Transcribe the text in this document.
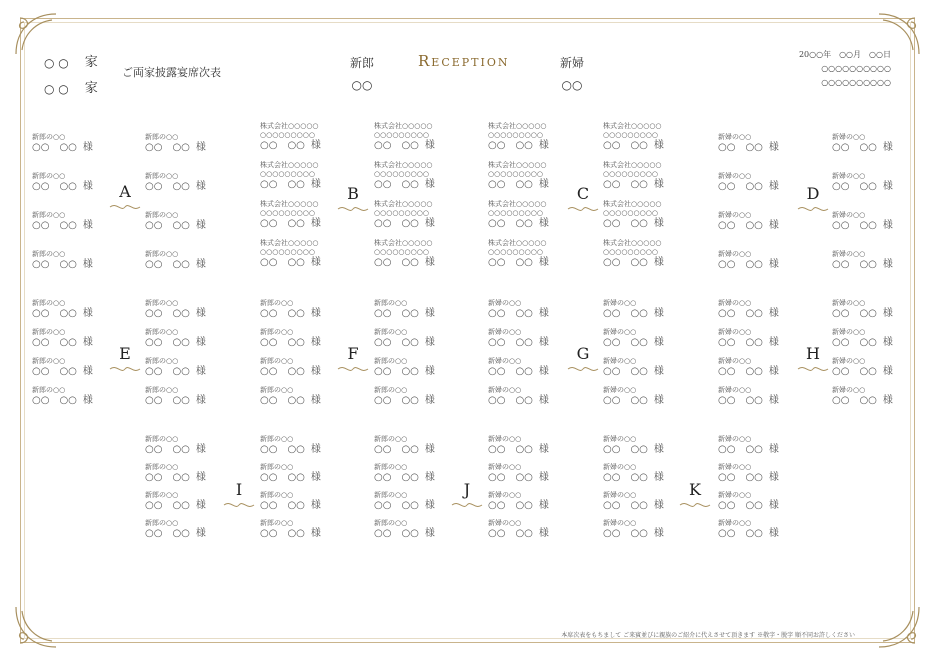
○ ○ 家
○ ○ 家
ご両家披露宴席次表
新郎
○○
Reception	新婦
○○
20○○年　○○月　○○日
○○○○○○○○○○
○○○○○○○○○○
新郎の○○
○○　○○ 様
新郎の○○
○○　○○ 様
新郎の○○
○○　○○ 様
新郎の○○
○○　○○ 様
新郎の○○
○○　○○ 様
新郎の○○
○○　○○ 様
新郎の○○
○○　○○ 様
新郎の○○
○○　○○ 様
A
株式会社○○○○○
○○○○○○○○○
○○　○○ 様
株式会社○○○○○
○○○○○○○○○
○○　○○ 様
株式会社○○○○○
○○○○○○○○○
○○　○○ 様
株式会社○○○○○
○○○○○○○○○
○○　○○ 様
株式会社○○○○○
○○○○○○○○○
○○　○○ 様
株式会社○○○○○
○○○○○○○○○
○○　○○ 様
株式会社○○○○○
○○○○○○○○○
○○　○○ 様
株式会社○○○○○
○○○○○○○○○
○○　○○ 様
B
株式会社○○○○○
○○○○○○○○○
○○　○○ 様
株式会社○○○○○
○○○○○○○○○
○○　○○ 様
株式会社○○○○○
○○○○○○○○○
○○　○○ 様
株式会社○○○○○
○○○○○○○○○
○○　○○ 様
株式会社○○○○○
○○○○○○○○○
○○　○○ 様
株式会社○○○○○
○○○○○○○○○
○○　○○ 様
株式会社○○○○○
○○○○○○○○○
○○　○○ 様
株式会社○○○○○
○○○○○○○○○
○○　○○ 様
C
新婦の○○
○○　○○ 様
新婦の○○
○○　○○ 様
新婦の○○
○○　○○ 様
新婦の○○
○○　○○ 様
新婦の○○
○○　○○ 様
新婦の○○
○○　○○ 様
新婦の○○
○○　○○ 様
新婦の○○
○○　○○ 様
D
新郎の○○
○○　○○ 様
新郎の○○
○○　○○ 様
新郎の○○
○○　○○ 様
新郎の○○
○○　○○ 様
新郎の○○
○○　○○ 様
新郎の○○
○○　○○ 様
新郎の○○
○○　○○ 様
新郎の○○
○○　○○ 様
E
新郎の○○
○○　○○ 様
新郎の○○
○○　○○ 様
新郎の○○
○○　○○ 様
新郎の○○
○○　○○ 様
新郎の○○
○○　○○ 様
新郎の○○
○○　○○ 様
新郎の○○
○○　○○ 様
新郎の○○
○○　○○ 様
F
新婦の○○
○○　○○ 様
新婦の○○
○○　○○ 様
新婦の○○
○○　○○ 様
新婦の○○
○○　○○ 様
新婦の○○
○○　○○ 様
新婦の○○
○○　○○ 様
新婦の○○
○○　○○ 様
新婦の○○
○○　○○ 様
G
新婦の○○
○○　○○ 様
新婦の○○
○○　○○ 様
新婦の○○
○○　○○ 様
新婦の○○
○○　○○ 様
新婦の○○
○○　○○ 様
新婦の○○
○○　○○ 様
新婦の○○
○○　○○ 様
新婦の○○
○○　○○ 様
H
新郎の○○
○○　○○ 様
新郎の○○
○○　○○ 様
新郎の○○
○○　○○ 様
新郎の○○
○○　○○ 様
新郎の○○
○○　○○ 様
新郎の○○
○○　○○ 様
新郎の○○
○○　○○ 様
新郎の○○
○○　○○ 様
I
新郎の○○
○○　○○ 様
新婦の○○
○○　○○ 様
新郎の○○
○○　○○ 様
新婦の○○
○○　○○ 様
新郎の○○
○○　○○ 様
新婦の○○
○○　○○ 様
新郎の○○
○○　○○ 様
新婦の○○
○○　○○ 様
J
新婦の○○
○○　○○ 様
新婦の○○
○○　○○ 様
新婦の○○
○○　○○ 様
新婦の○○
○○　○○ 様
新婦の○○
○○　○○ 様
新婦の○○
○○　○○ 様
新婦の○○
○○　○○ 様
新婦の○○
○○　○○ 様
K
本席次表をもちまして ご来賓並びに親族のご紹介に代えさせて頂きます ※敬字・脱字 順不同お許しください
